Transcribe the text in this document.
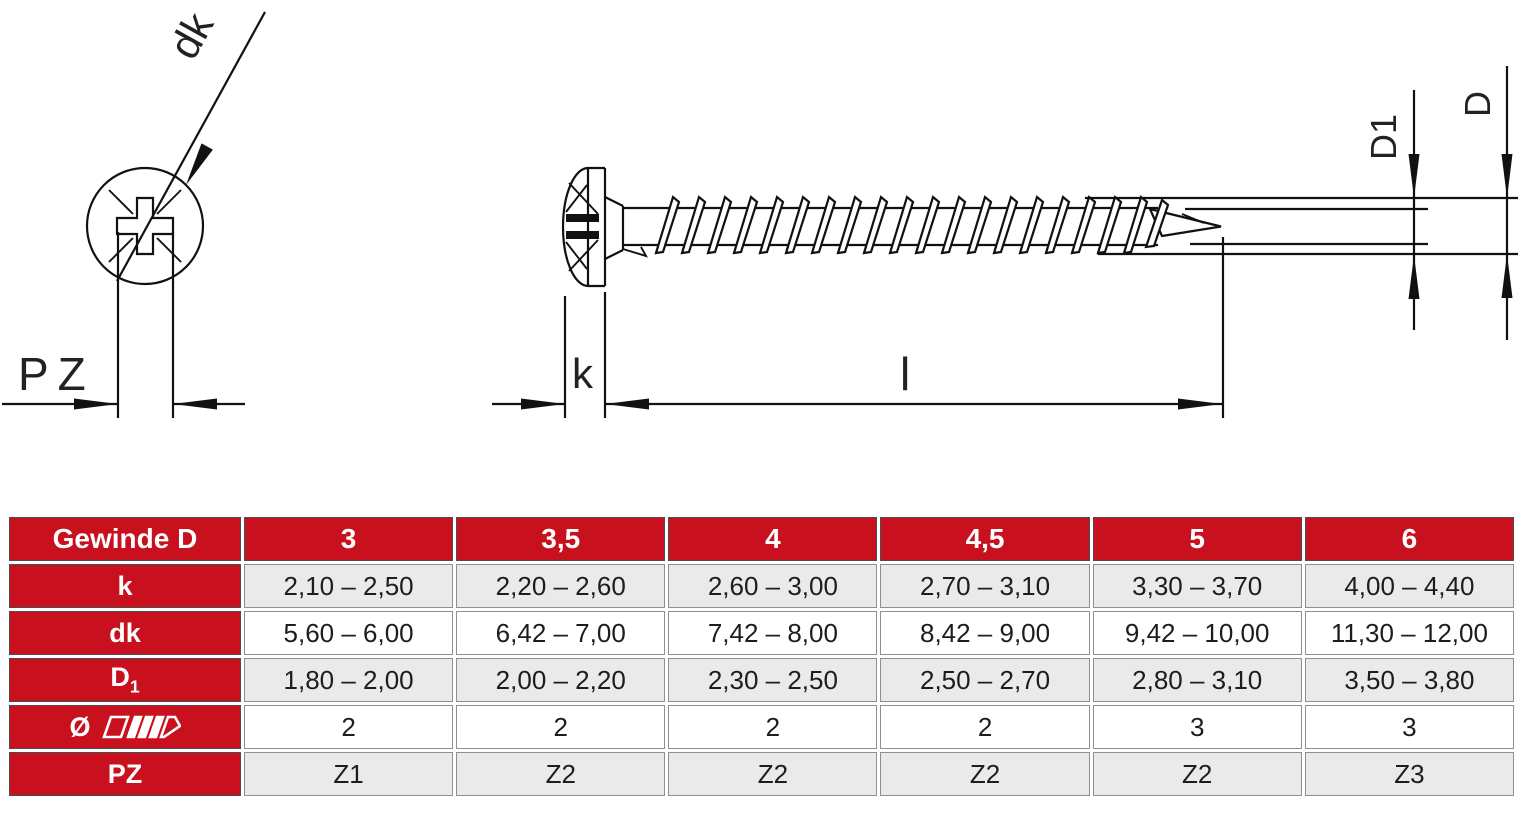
dk
PZ	k	l
D1
D
Gewinde D	3	3,5	4	4,5	5	6
k	2,10 – 2,50	2,20 – 2,60	2,60 – 3,00	2,70 – 3,10	3,30 – 3,70	4,00 – 4,40
dk	5,60 – 6,00	6,42 – 7,00	7,42 – 8,00	8,42 – 9,00	9,42 – 10,00	11,30 – 12,00
$D_1$	1,80 – 2,00	2,00 – 2,20	2,30 – 2,50	2,50 – 2,70	2,80 – 3,10	3,50 – 3,80

Ø	2	2	2	2	3	3
PZ	Z1	Z2	Z2	Z2	Z2	Z3
